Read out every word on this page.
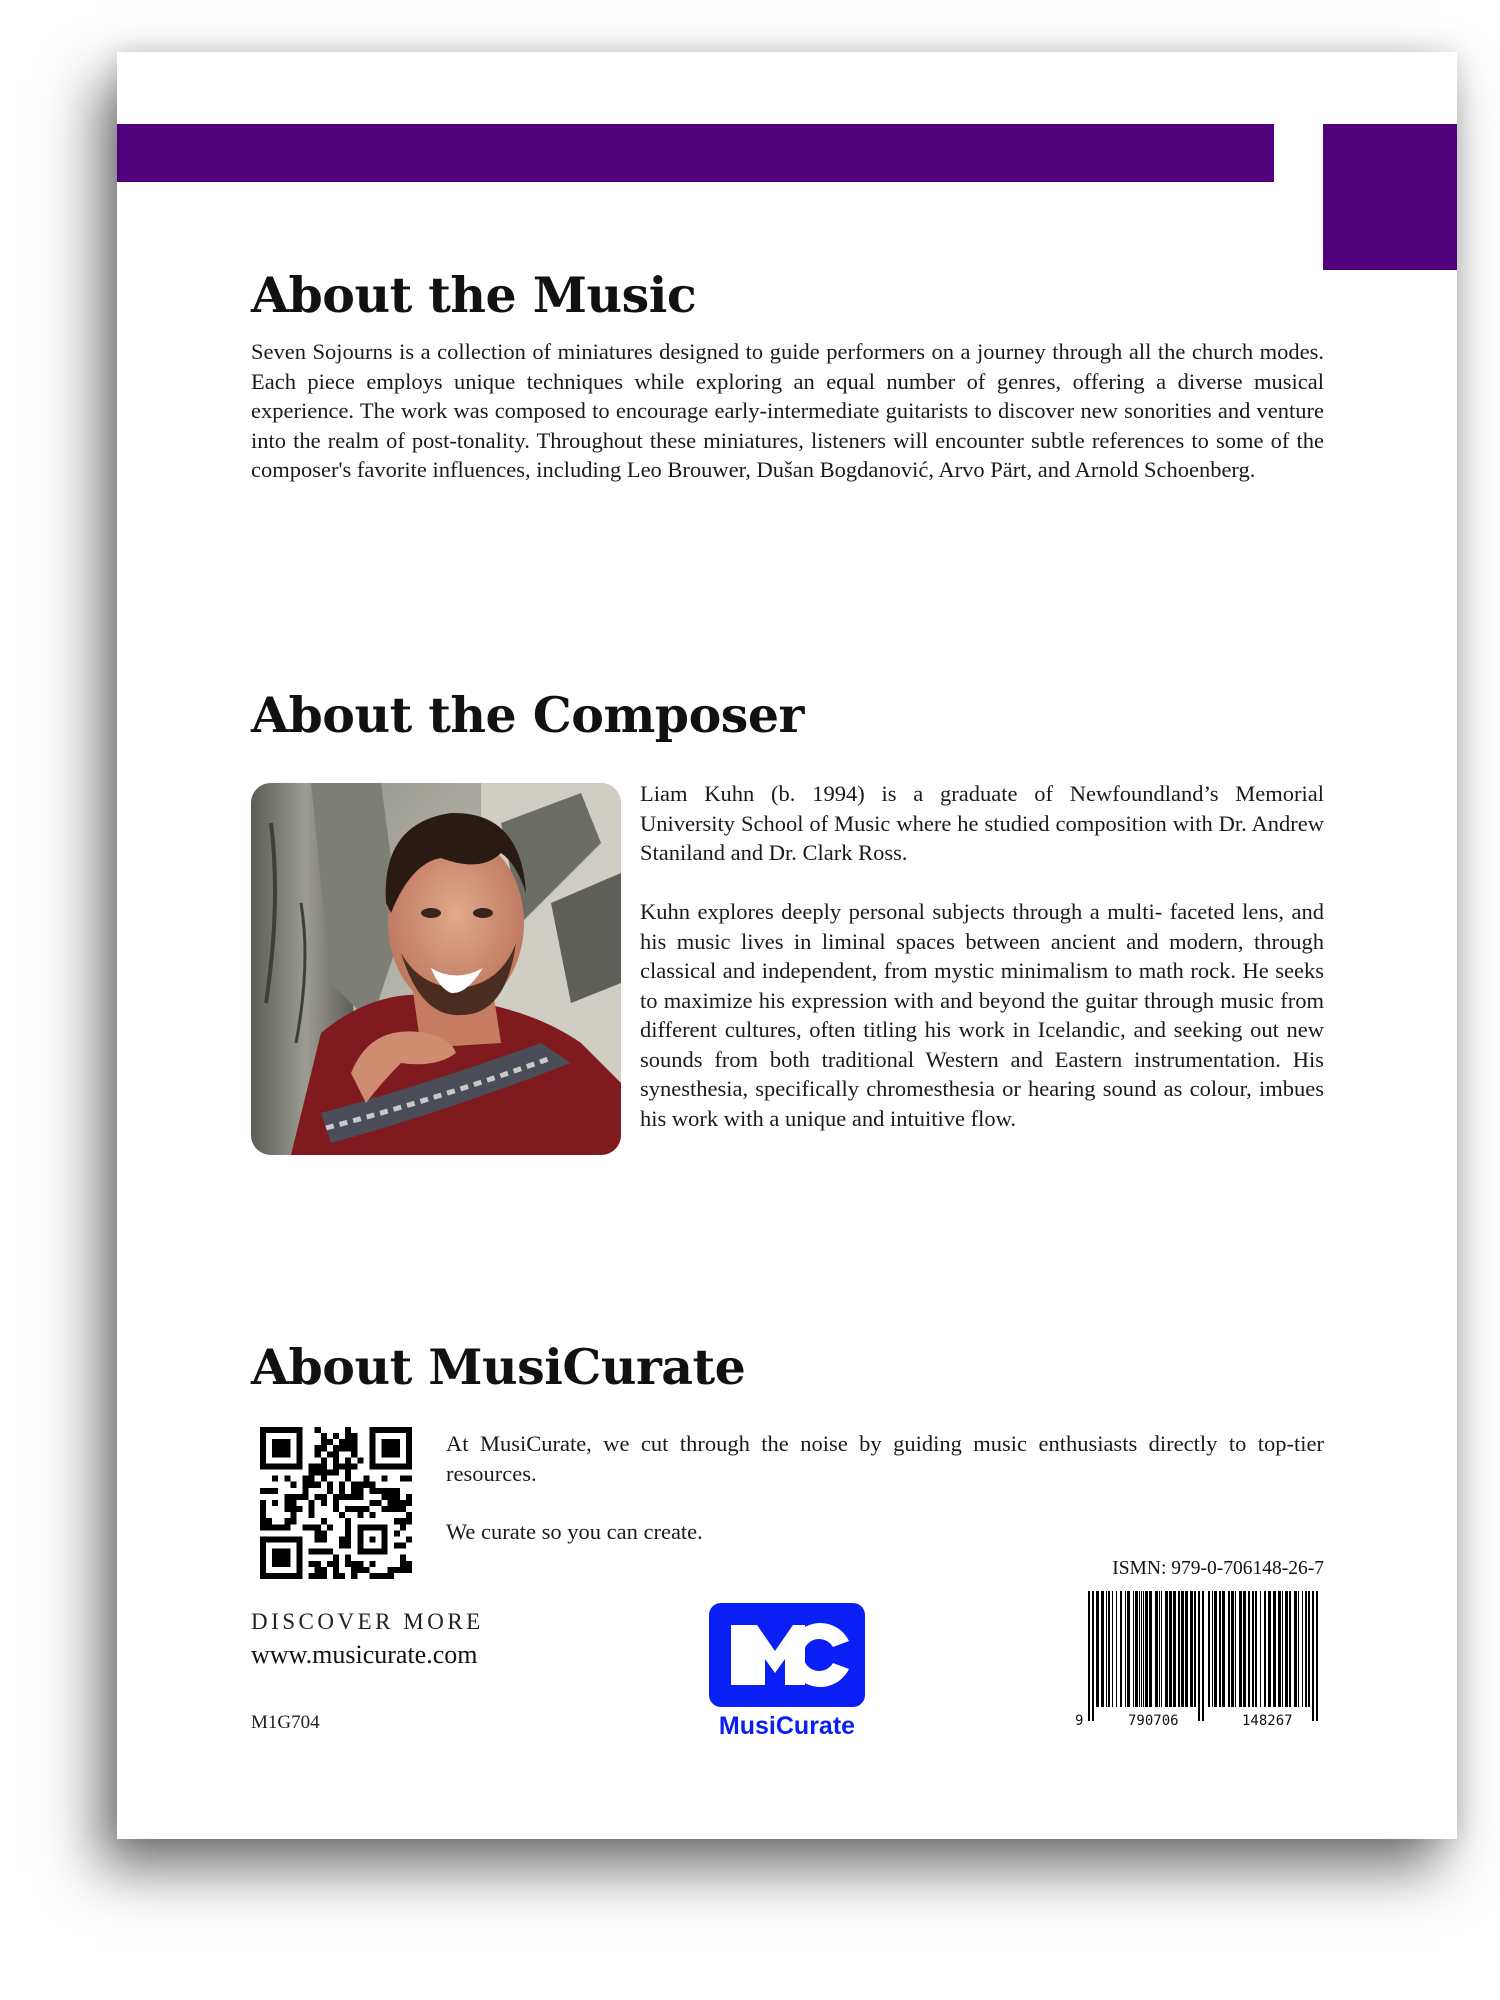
About the Music

Seven Sojourns is a collection of miniatures designed to guide performers on a journey through all the church modes. Each piece employs unique techniques while exploring an equal number of genres, offering a diverse musical experience. The work was composed to encourage early-intermediate guitarists to discover new sonorities and venture into the realm of post-tonality. Throughout these miniatures, listeners will encounter subtle references to some of the composer's favorite influences, including Leo Brouwer, Dušan Bogdanović, Arvo Pärt, and Arnold Schoenberg.

About the Composer

Liam Kuhn (b. 1994) is a graduate of Newfoundland’s Memorial University School of Music where he studied composition with Dr. Andrew Staniland and Dr. Clark Ross.

Kuhn explores deeply personal subjects through a multi- faceted lens, and his music lives in liminal spaces between ancient and modern, through classical and independent, from mystic minimalism to math rock. He seeks to maximize his expression with and beyond the guitar through music from different cultures, often titling his work in Icelandic, and seeking out new sounds from both traditional Western and Eastern instrumentation. His synesthesia, specifically chromesthesia or hearing sound as colour, imbues his work with a unique and intuitive flow.

About MusiCurate

At MusiCurate, we cut through the noise by guiding music enthusiasts directly to top-tier resources.

We curate so you can create.

DISCOVER MORE
www.musicurate.com
M1G704	MusiCurate
ISMN: 979-0-706148-26-7
9	790706	148267
